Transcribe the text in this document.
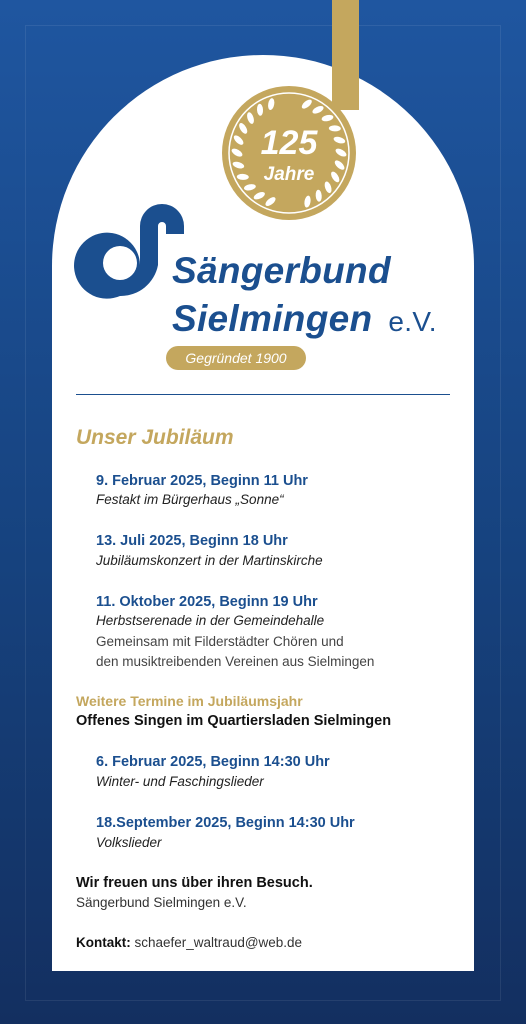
125
Jahre
Sängerbund
Sielmingen e.V.
Gegründet 1900
Unser Jubiläum
9. Februar 2025, Beginn 11 Uhr
Festakt im Bürgerhaus „Sonne“
13. Juli 2025, Beginn 18 Uhr
Jubiläumskonzert in der Martinskirche
11. Oktober 2025, Beginn 19 Uhr
Herbstserenade in der Gemeindehalle
Gemeinsam mit Filderstädter Chören und
den musiktreibenden Vereinen aus Sielmingen
Weitere Termine im Jubiläumsjahr
Offenes Singen im Quartiersladen Sielmingen
6. Februar 2025, Beginn 14:30 Uhr
Winter- und Faschingslieder
18.September 2025, Beginn 14:30 Uhr
Volkslieder
Wir freuen uns über ihren Besuch.
Sängerbund Sielmingen e.V.
Kontakt: schaefer_waltraud@web.de
